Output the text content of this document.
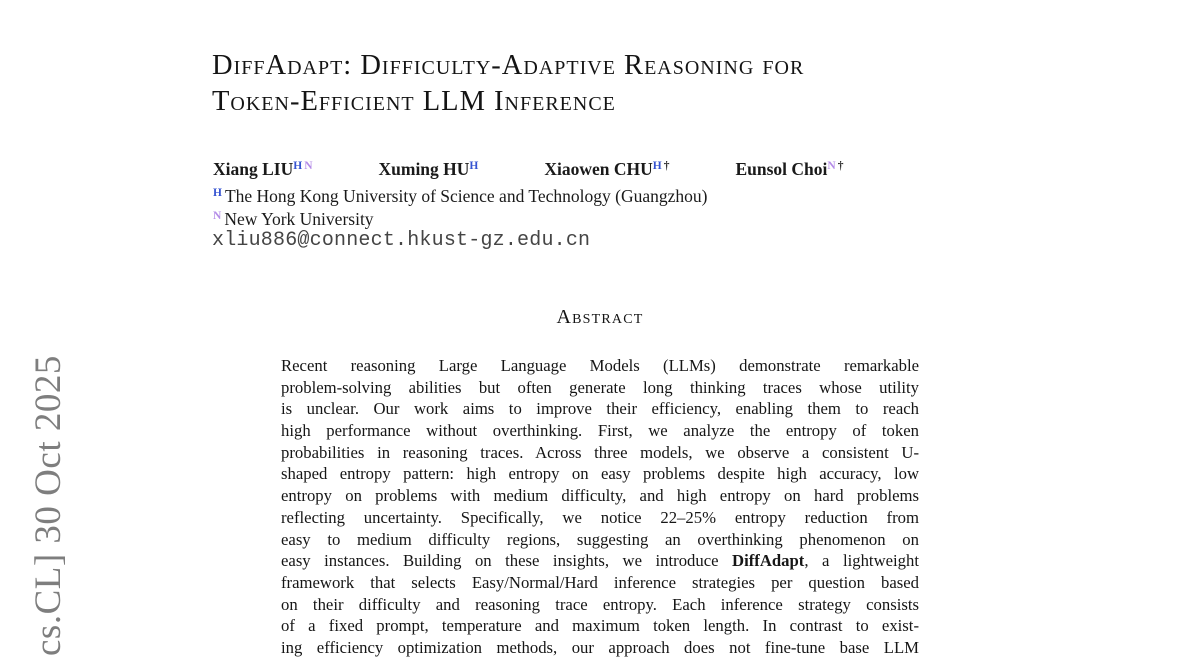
cs.CL] 30 Oct 2025
DiffAdapt: Difficulty-Adaptive Reasoning for
Token-Efficient LLM Inference
Xiang $LIU^{H N}$	Xuming $HU^H$	Xiaowen $CHU^{H \dagger}$	Eunsol Choi$^{N \dagger}$
$^H$ The Hong Kong University of Science and Technology (Guangzhou)
$^N$ New York University
xliu886@connect.hkust-gz.edu.cn
Abstract
Recent reasoning Large Language Models (LLMs) demonstrate remarkable
problem-solving abilities but often generate long thinking traces whose utility
is unclear. Our work aims to improve their efficiency, enabling them to reach
high performance without overthinking. First, we analyze the entropy of token
probabilities in reasoning traces. Across three models, we observe a consistent U-
shaped entropy pattern: high entropy on easy problems despite high accuracy, low
entropy on problems with medium difficulty, and high entropy on hard problems
reflecting uncertainty. Specifically, we notice 22–25% entropy reduction from
easy to medium difficulty regions, suggesting an overthinking phenomenon on
easy instances. Building on these insights, we introduce DiffAdapt, a lightweight
framework that selects Easy/Normal/Hard inference strategies per question based
on their difficulty and reasoning trace entropy. Each inference strategy consists
of a fixed prompt, temperature and maximum token length. In contrast to exist-
ing efficiency optimization methods, our approach does not fine-tune base LLM
